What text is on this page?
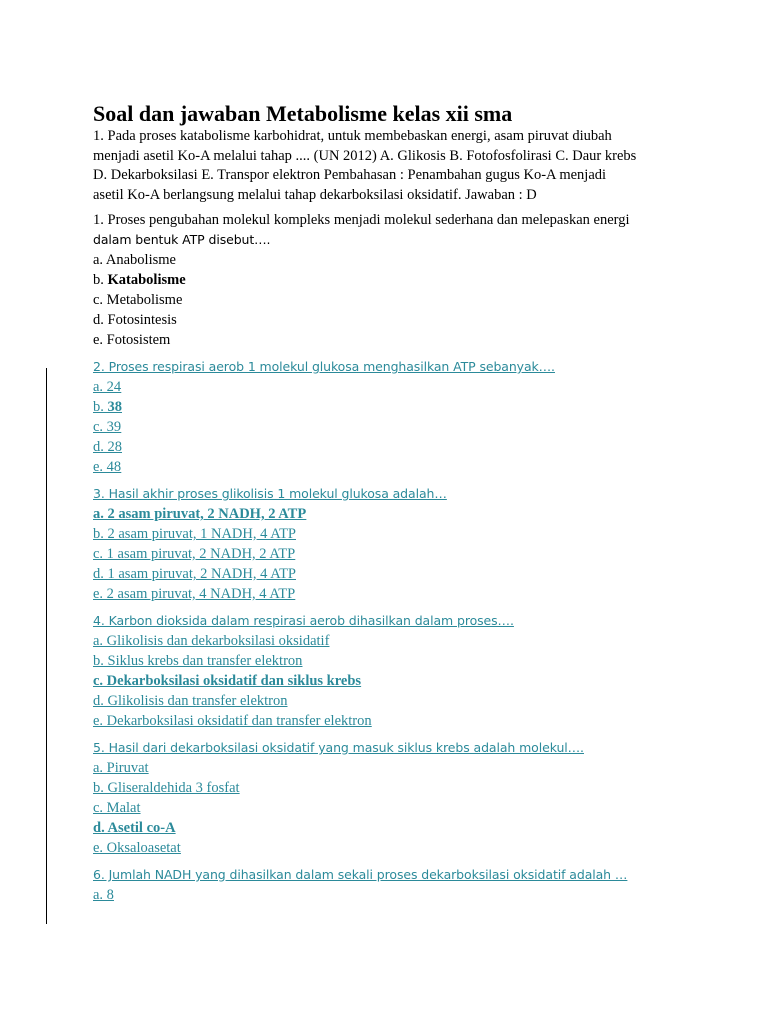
Soal dan jawaban Metabolisme kelas xii sma
1. Pada proses katabolisme karbohidrat, untuk membebaskan energi, asam piruvat diubah
menjadi asetil Ko-A melalui tahap .... (UN 2012) A. Glikosis B. Fotofosfolirasi C. Daur krebs
D. Dekarboksilasi E. Transpor elektron Pembahasan : Penambahan gugus Ko-A menjadi
asetil Ko-A berlangsung melalui tahap dekarboksilasi oksidatif. Jawaban : D
1. Proses pengubahan molekul kompleks menjadi molekul sederhana dan melepaskan energi
dalam bentuk ATP disebut….
a. Anabolisme
b. Katabolisme
c. Metabolisme
d. Fotosintesis
e. Fotosistem
2. Proses respirasi aerob 1 molekul glukosa menghasilkan ATP sebanyak….
a. 24
b. 38
c. 39
d. 28
e. 48
3. Hasil akhir proses glikolisis 1 molekul glukosa adalah…
a. 2 asam piruvat, 2 NADH, 2 ATP
b. 2 asam piruvat, 1 NADH, 4 ATP
c. 1 asam piruvat, 2 NADH, 2 ATP
d. 1 asam piruvat, 2 NADH, 4 ATP
e. 2 asam piruvat, 4 NADH, 4 ATP
4. Karbon dioksida dalam respirasi aerob dihasilkan dalam proses….
a. Glikolisis dan dekarboksilasi oksidatif
b. Siklus krebs dan transfer elektron
c. Dekarboksilasi oksidatif dan siklus krebs
d. Glikolisis dan transfer elektron
e. Dekarboksilasi oksidatif dan transfer elektron
5. Hasil dari dekarboksilasi oksidatif yang masuk siklus krebs adalah molekul….
a. Piruvat
b. Gliseraldehida 3 fosfat
c. Malat
d. Asetil co-A
e. Oksaloasetat
6. Jumlah NADH yang dihasilkan dalam sekali proses dekarboksilasi oksidatif adalah …
a. 8
